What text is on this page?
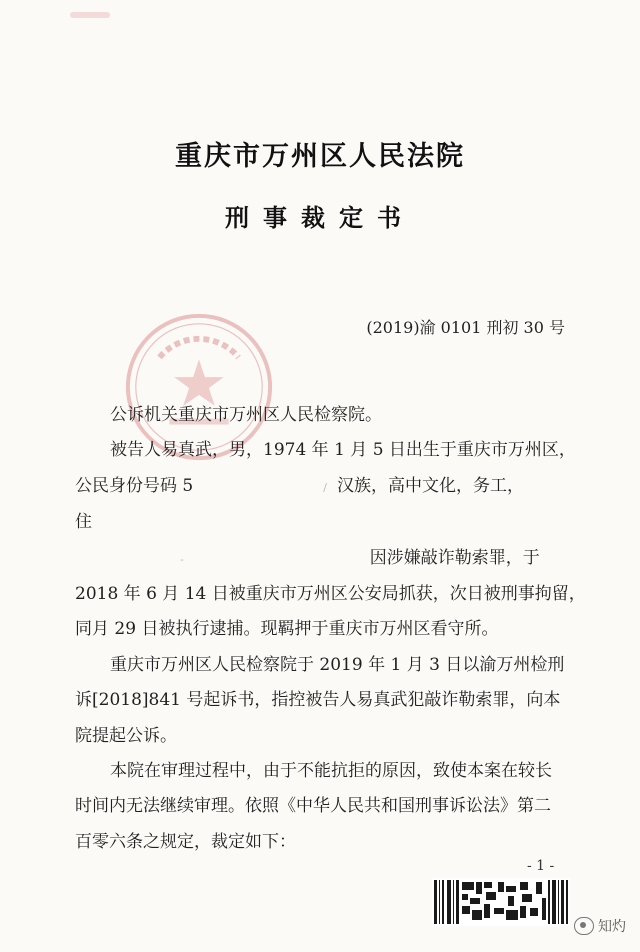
重庆市万州区人民法院
刑事裁定书
(2019)渝 0101 刑初 30 号
公诉机关重庆市万州区人民检察院。
被告人易真武，男，1974 年 1 月 5 日出生于重庆市万州区，
公民身份号码 5	∕ 汉族，高中文化，务工，
住
-	因涉嫌敲诈勒索罪，于
2018 年 6 月 14 日被重庆市万州区公安局抓获，次日被刑事拘留，
同月 29 日被执行逮捕。现羁押于重庆市万州区看守所。
重庆市万州区人民检察院于 2019 年 1 月 3 日以渝万州检刑
诉[2018]841 号起诉书，指控被告人易真武犯敲诈勒索罪，向本
院提起公诉。
本院在审理过程中，由于不能抗拒的原因，致使本案在较长
时间内无法继续审理。依照《中华人民共和国刑事诉讼法》第二
百零六条之规定，裁定如下：
- 1 -
知灼
